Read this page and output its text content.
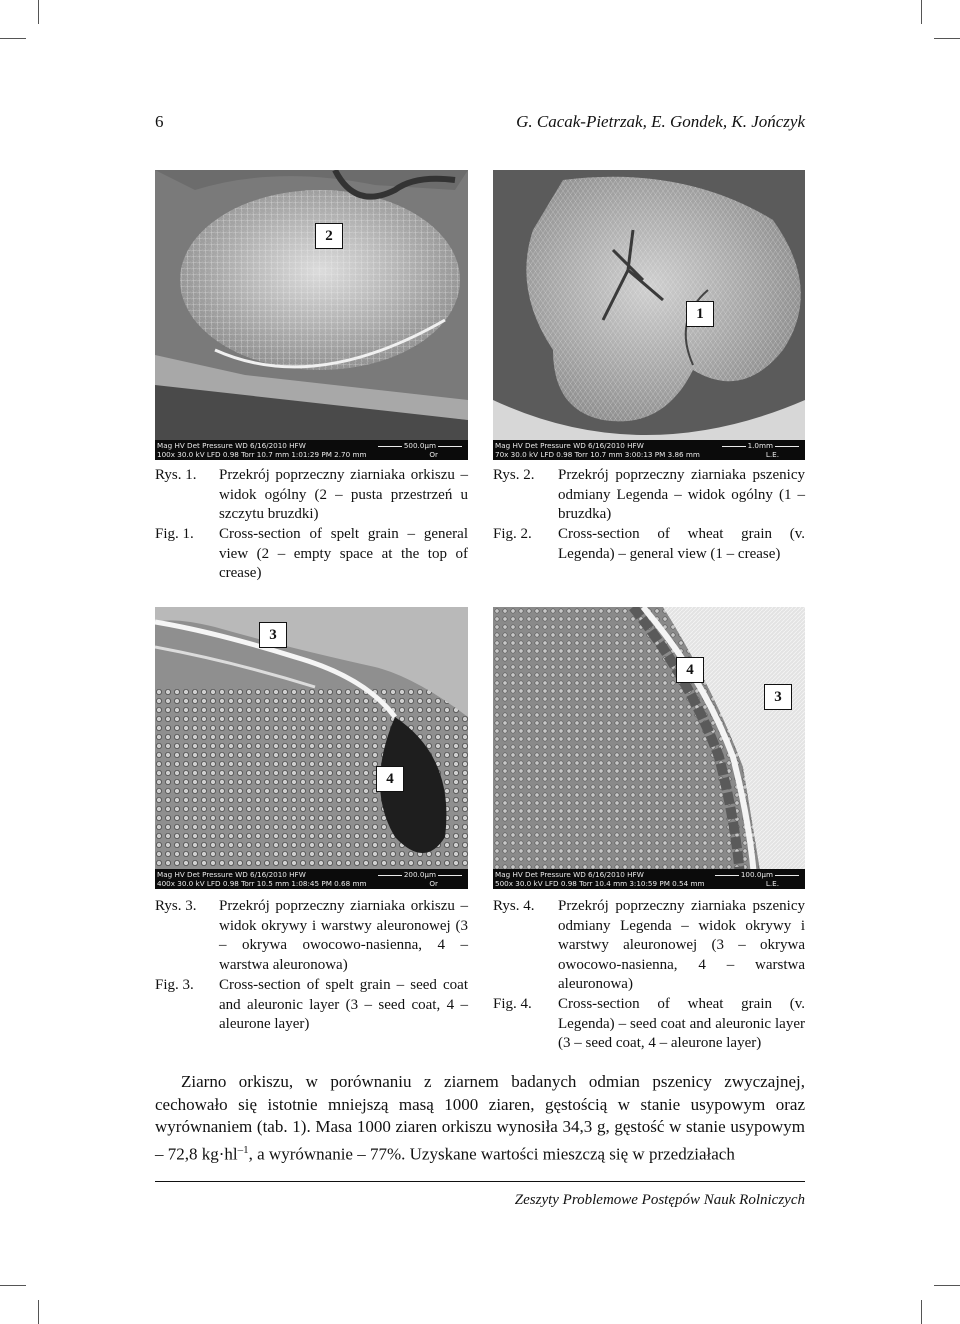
6	G. Cacak-Pietrzak, E. Gondek, K. Jończyk
2
Mag HV Det Pressure WD 6/16/2010 HFW
100x 30.0 kV LFD 0.98 Torr 10.7 mm 1:01:29 PM 2.70 mm
500.0µm
Or
1
Mag HV Det Pressure WD 6/16/2010 HFW
70x 30.0 kV LFD 0.98 Torr 10.7 mm 3:00:13 PM 3.86 mm
1.0mm
L.E.
Rys. 1. Przekrój poprzeczny ziarniaka orkiszu – widok ogólny (2 – pusta przestrzeń u szczytu bruzdki)
Fig. 1. Cross-section of spelt grain – general view (2 – empty space at the top of crease)
Rys. 2. Przekrój poprzeczny ziarniaka pszenicy odmiany Legenda – widok ogólny (1 – bruzdka)
Fig. 2. Cross-section of wheat grain (v. Legenda) – general view (1 – crease)
3
4
Mag HV Det Pressure WD 6/16/2010 HFW
400x 30.0 kV LFD 0.98 Torr 10.5 mm 1:08:45 PM 0.68 mm
200.0µm
Or
4
3
Mag HV Det Pressure WD 6/16/2010 HFW
500x 30.0 kV LFD 0.98 Torr 10.4 mm 3:10:59 PM 0.54 mm
100.0µm
L.E.
Rys. 3. Przekrój poprzeczny ziarniaka orkiszu – widok okrywy i warstwy aleuronowej (3 – okrywa owocowo-nasienna, 4 – warstwa aleuronowa)
Fig. 3. Cross-section of spelt grain – seed coat and aleuronic layer (3 – seed coat, 4 – aleurone layer)
Rys. 4. Przekrój poprzeczny ziarniaka pszenicy odmiany Legenda – widok okrywy i warstwy aleuronowej (3 – okrywa owocowo-nasienna, 4 – warstwa aleuronowa)
Fig. 4. Cross-section of wheat grain (v. Legenda) – seed coat and aleuronic layer (3 – seed coat, 4 – aleurone layer)
Ziarno orkiszu, w porównaniu z ziarnem badanych odmian pszenicy zwyczajnej, cechowało się istotnie mniejszą masą 1000 ziaren, gęstością w stanie usypowym oraz wyrównaniem (tab. 1). Masa 1000 ziaren orkiszu wynosiła 34,3 g, gęstość w stanie usypowym – 72,8 $kg\cdot hl^{-1}$, a wyrównanie – 77%. Uzyskane wartości mieszczą się w przedziałach
Zeszyty Problemowe Postępów Nauk Rolniczych
